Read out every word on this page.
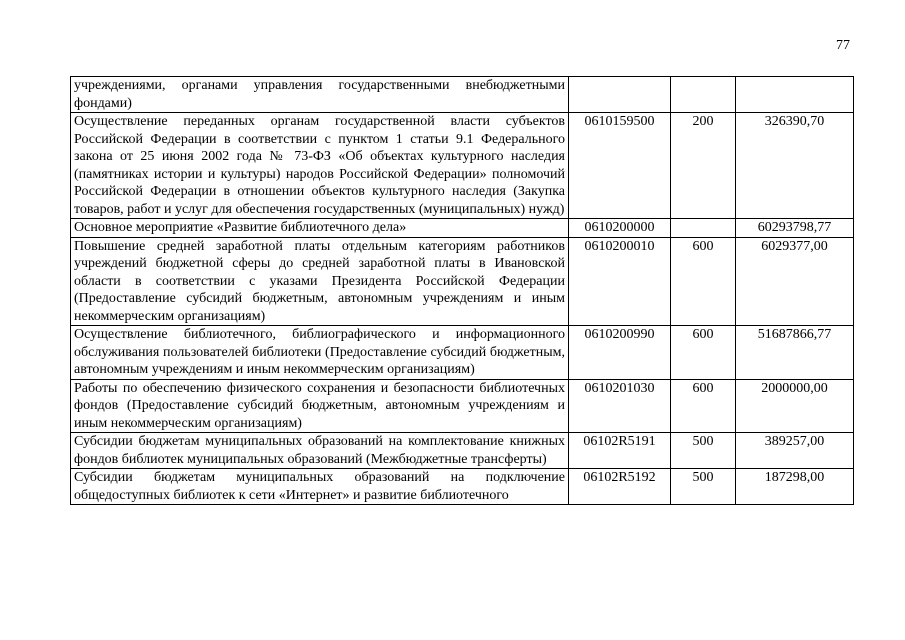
77
учреждениями, органами управления государственными внебюджетными фондами)			
Осуществление переданных органам государственной власти субъектов Российской Федерации в соответствии с пунктом 1 статьи 9.1 Федерального закона от 25 июня 2002 года № 73-ФЗ «Об объектах культурного наследия (памятниках истории и культуры) народов Российской Федерации» полномочий Российской Федерации в отношении объектов культурного наследия (Закупка товаров, работ и услуг для обеспечения государственных (муниципальных) нужд)	0610159500	200	326390,70
Основное мероприятие «Развитие библиотечного дела»	0610200000		60293798,77
Повышение средней заработной платы отдельным категориям работников учреждений бюджетной сферы до средней заработной платы в Ивановской области в соответствии с указами Президента Российской Федерации (Предоставление субсидий бюджетным, автономным учреждениям и иным некоммерческим организациям)	0610200010	600	6029377,00
Осуществление библиотечного, библиографического и информационного обслуживания пользователей библиотеки (Предоставление субсидий бюджетным, автономным учреждениям и иным некоммерческим организациям)	0610200990	600	51687866,77
Работы по обеспечению физического сохранения и безопасности библиотечных фондов (Предоставление субсидий бюджетным, автономным учреждениям и иным некоммерческим организациям)	0610201030	600	2000000,00
Субсидии бюджетам муниципальных образований на комплектование книжных фондов библиотек муниципальных образований (Межбюджетные трансферты)	06102R5191	500	389257,00
Субсидии бюджетам муниципальных образований на подключение общедоступных библиотек к сети «Интернет» и развитие библиотечного	06102R5192	500	187298,00
